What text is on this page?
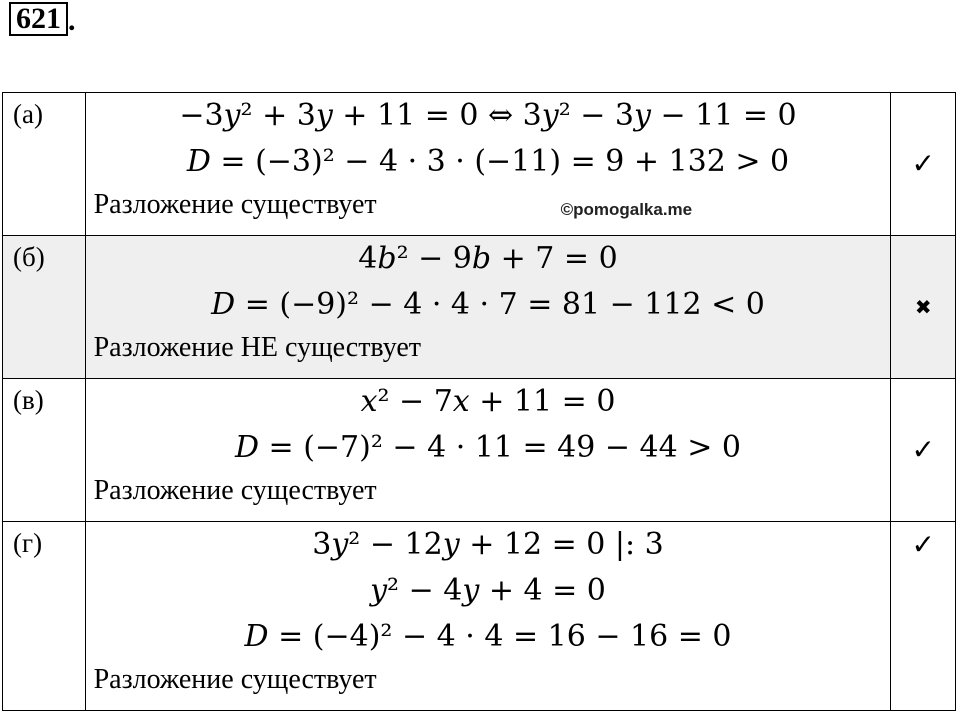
621 .
(а)	−3𝑦² + 3𝑦 + 11 = 0 ⇔ 3𝑦² − 3𝑦 − 11 = 0
𝐷 = (−3)² − 4 · 3 · (−11) = 9 + 132 > 0
Разложение существует ©pomogalka.me	✓
(б)	4𝑏² − 9𝑏 + 7 = 0
𝐷 = (−9)² − 4 · 4 · 7 = 81 − 112 < 0
Разложение НЕ существует	✖
(в)	𝑥² − 7𝑥 + 11 = 0
𝐷 = (−7)² − 4 · 11 = 49 − 44 > 0
Разложение существует	✓
(г)	3𝑦² − 12𝑦 + 12 = 0 |: 3
𝑦² − 4𝑦 + 4 = 0
𝐷 = (−4)² − 4 · 4 = 16 − 16 = 0
Разложение существует	✓
